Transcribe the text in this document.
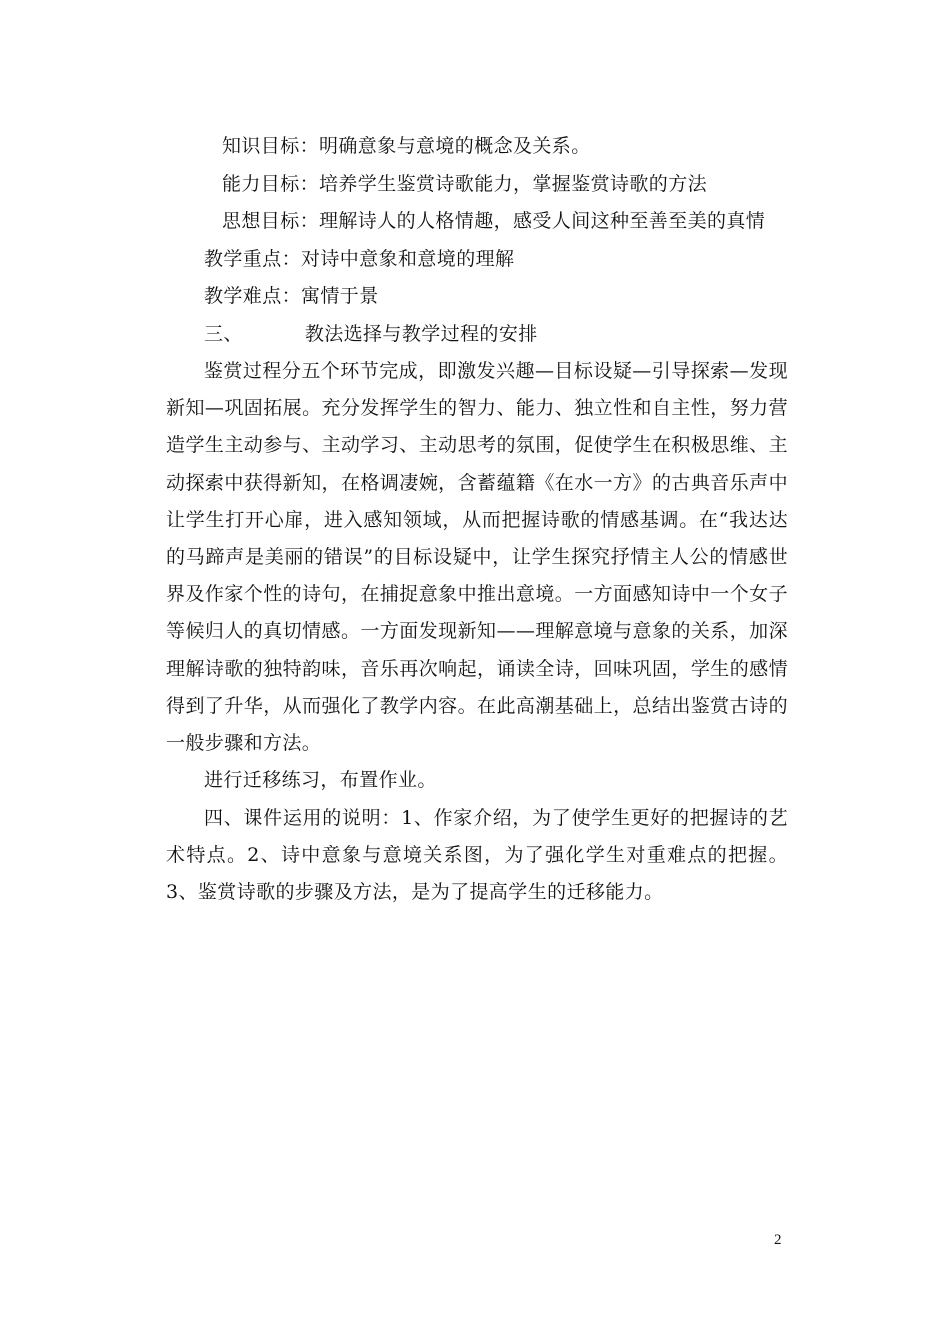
知识目标：明确意象与意境的概念及关系。
能力目标：培养学生鉴赏诗歌能力，掌握鉴赏诗歌的方法
思想目标：理解诗人的人格情趣，感受人间这种至善至美的真情
教学重点：对诗中意象和意境的理解
教学难点：寓情于景
三、	教法选择与教学过程的安排

鉴赏过程分五个环节完成，即激发兴趣—目标设疑—引导探索—发现新知—巩固拓展。充分发挥学生的智力、能力、独立性和自主性，努力营造学生主动参与、主动学习、主动思考的氛围，促使学生在积极思维、主动探索中获得新知，在格调凄婉，含蓄蕴籍《在水一方》的古典音乐声中让学生打开心扉，进入感知领域，从而把握诗歌的情感基调。在“我达达的马蹄声是美丽的错误”的目标设疑中，让学生探究抒情主人公的情感世界及作家个性的诗句，在捕捉意象中推出意境。一方面感知诗中一个女子等候归人的真切情感。一方面发现新知——理解意境与意象的关系，加深理解诗歌的独特韵味，音乐再次响起，诵读全诗，回味巩固，学生的感情得到了升华，从而强化了教学内容。在此高潮基础上，总结出鉴赏古诗的一般步骤和方法。

进行迁移练习，布置作业。

四、课件运用的说明：1、作家介绍，为了使学生更好的把握诗的艺术特点。2、诗中意象与意境关系图，为了强化学生对重难点的把握。3、鉴赏诗歌的步骤及方法，是为了提高学生的迁移能力。

2
